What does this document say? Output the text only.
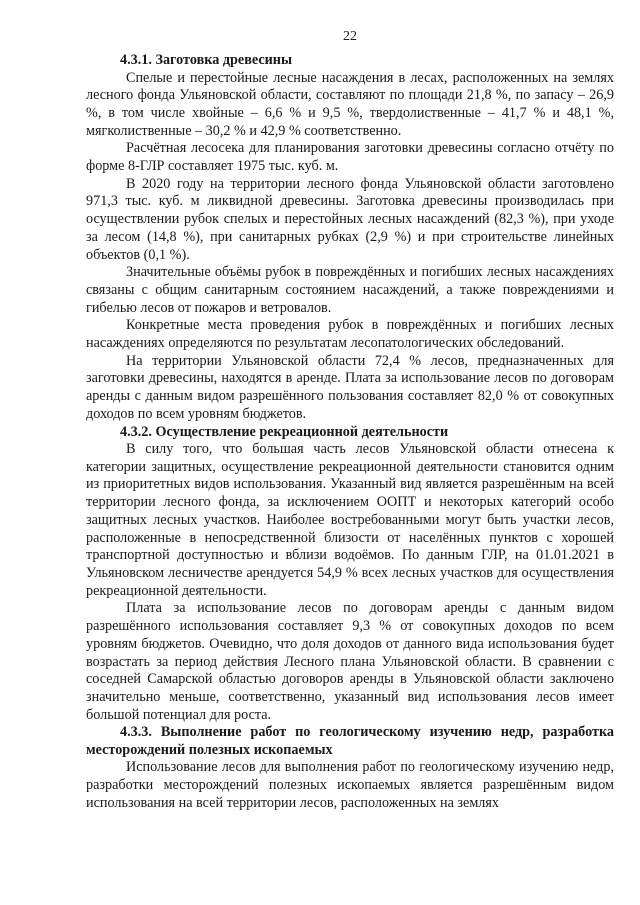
22
4.3.1. Заготовка древесины

Спелые и перестойные лесные насаждения в лесах, расположенных на землях лесного фонда Ульяновской области, составляют по площади 21,8 %, по запасу – 26,9 %, в том числе хвойные – 6,6 % и 9,5 %, твердолиственные – 41,7 % и 48,1 %, мягколиственные – 30,2 % и 42,9 % соответственно.

Расчётная лесосека для планирования заготовки древесины согласно отчёту по форме 8-ГЛР составляет 1975 тыс. куб. м.

В 2020 году на территории лесного фонда Ульяновской области заготовлено 971,3 тыс. куб. м ликвидной древесины. Заготовка древесины производилась при осуществлении рубок спелых и перестойных лесных насаждений (82,3 %), при уходе за лесом (14,8 %), при санитарных рубках (2,9 %) и при строительстве линейных объектов (0,1 %).

Значительные объёмы рубок в повреждённых и погибших лесных насаждениях связаны с общим санитарным состоянием насаждений, а также повреждениями и гибелью лесов от пожаров и ветровалов.

Конкретные места проведения рубок в повреждённых и погибших лесных насаждениях определяются по результатам лесопатологических обследований.

На территории Ульяновской области 72,4 % лесов, предназначенных для заготовки древесины, находятся в аренде. Плата за использование лесов по договорам аренды с данным видом разрешённого пользования составляет 82,0 % от совокупных доходов по всем уровням бюджетов.

4.3.2. Осуществление рекреационной деятельности

В силу того, что большая часть лесов Ульяновской области отнесена к категории защитных, осуществление рекреационной деятельности становится одним из приоритетных видов использования. Указанный вид является разрешённым на всей территории лесного фонда, за исключением ООПТ и некоторых категорий особо защитных лесных участков. Наиболее востребованными могут быть участки лесов, расположенные в непосредственной близости от населённых пунктов с хорошей транспортной доступностью и вблизи водоёмов. По данным ГЛР, на 01.01.2021 в Ульяновском лесничестве арендуется 54,9 % всех лесных участков для осуществления рекреационной деятельности.

Плата за использование лесов по договорам аренды с данным видом разрешённого использования составляет 9,3 % от совокупных доходов по всем уровням бюджетов. Очевидно, что доля доходов от данного вида использования будет возрастать за период действия Лесного плана Ульяновской области. В сравнении с соседней Самарской областью договоров аренды в Ульяновской области заключено значительно меньше, соответственно, указанный вид использования лесов имеет большой потенциал для роста.

4.3.3. Выполнение работ по геологическому изучению недр, разработка месторождений полезных ископаемых

Использование лесов для выполнения работ по геологическому изучению недр, разработки месторождений полезных ископаемых является разрешённым видом использования на всей территории лесов, расположенных на землях
